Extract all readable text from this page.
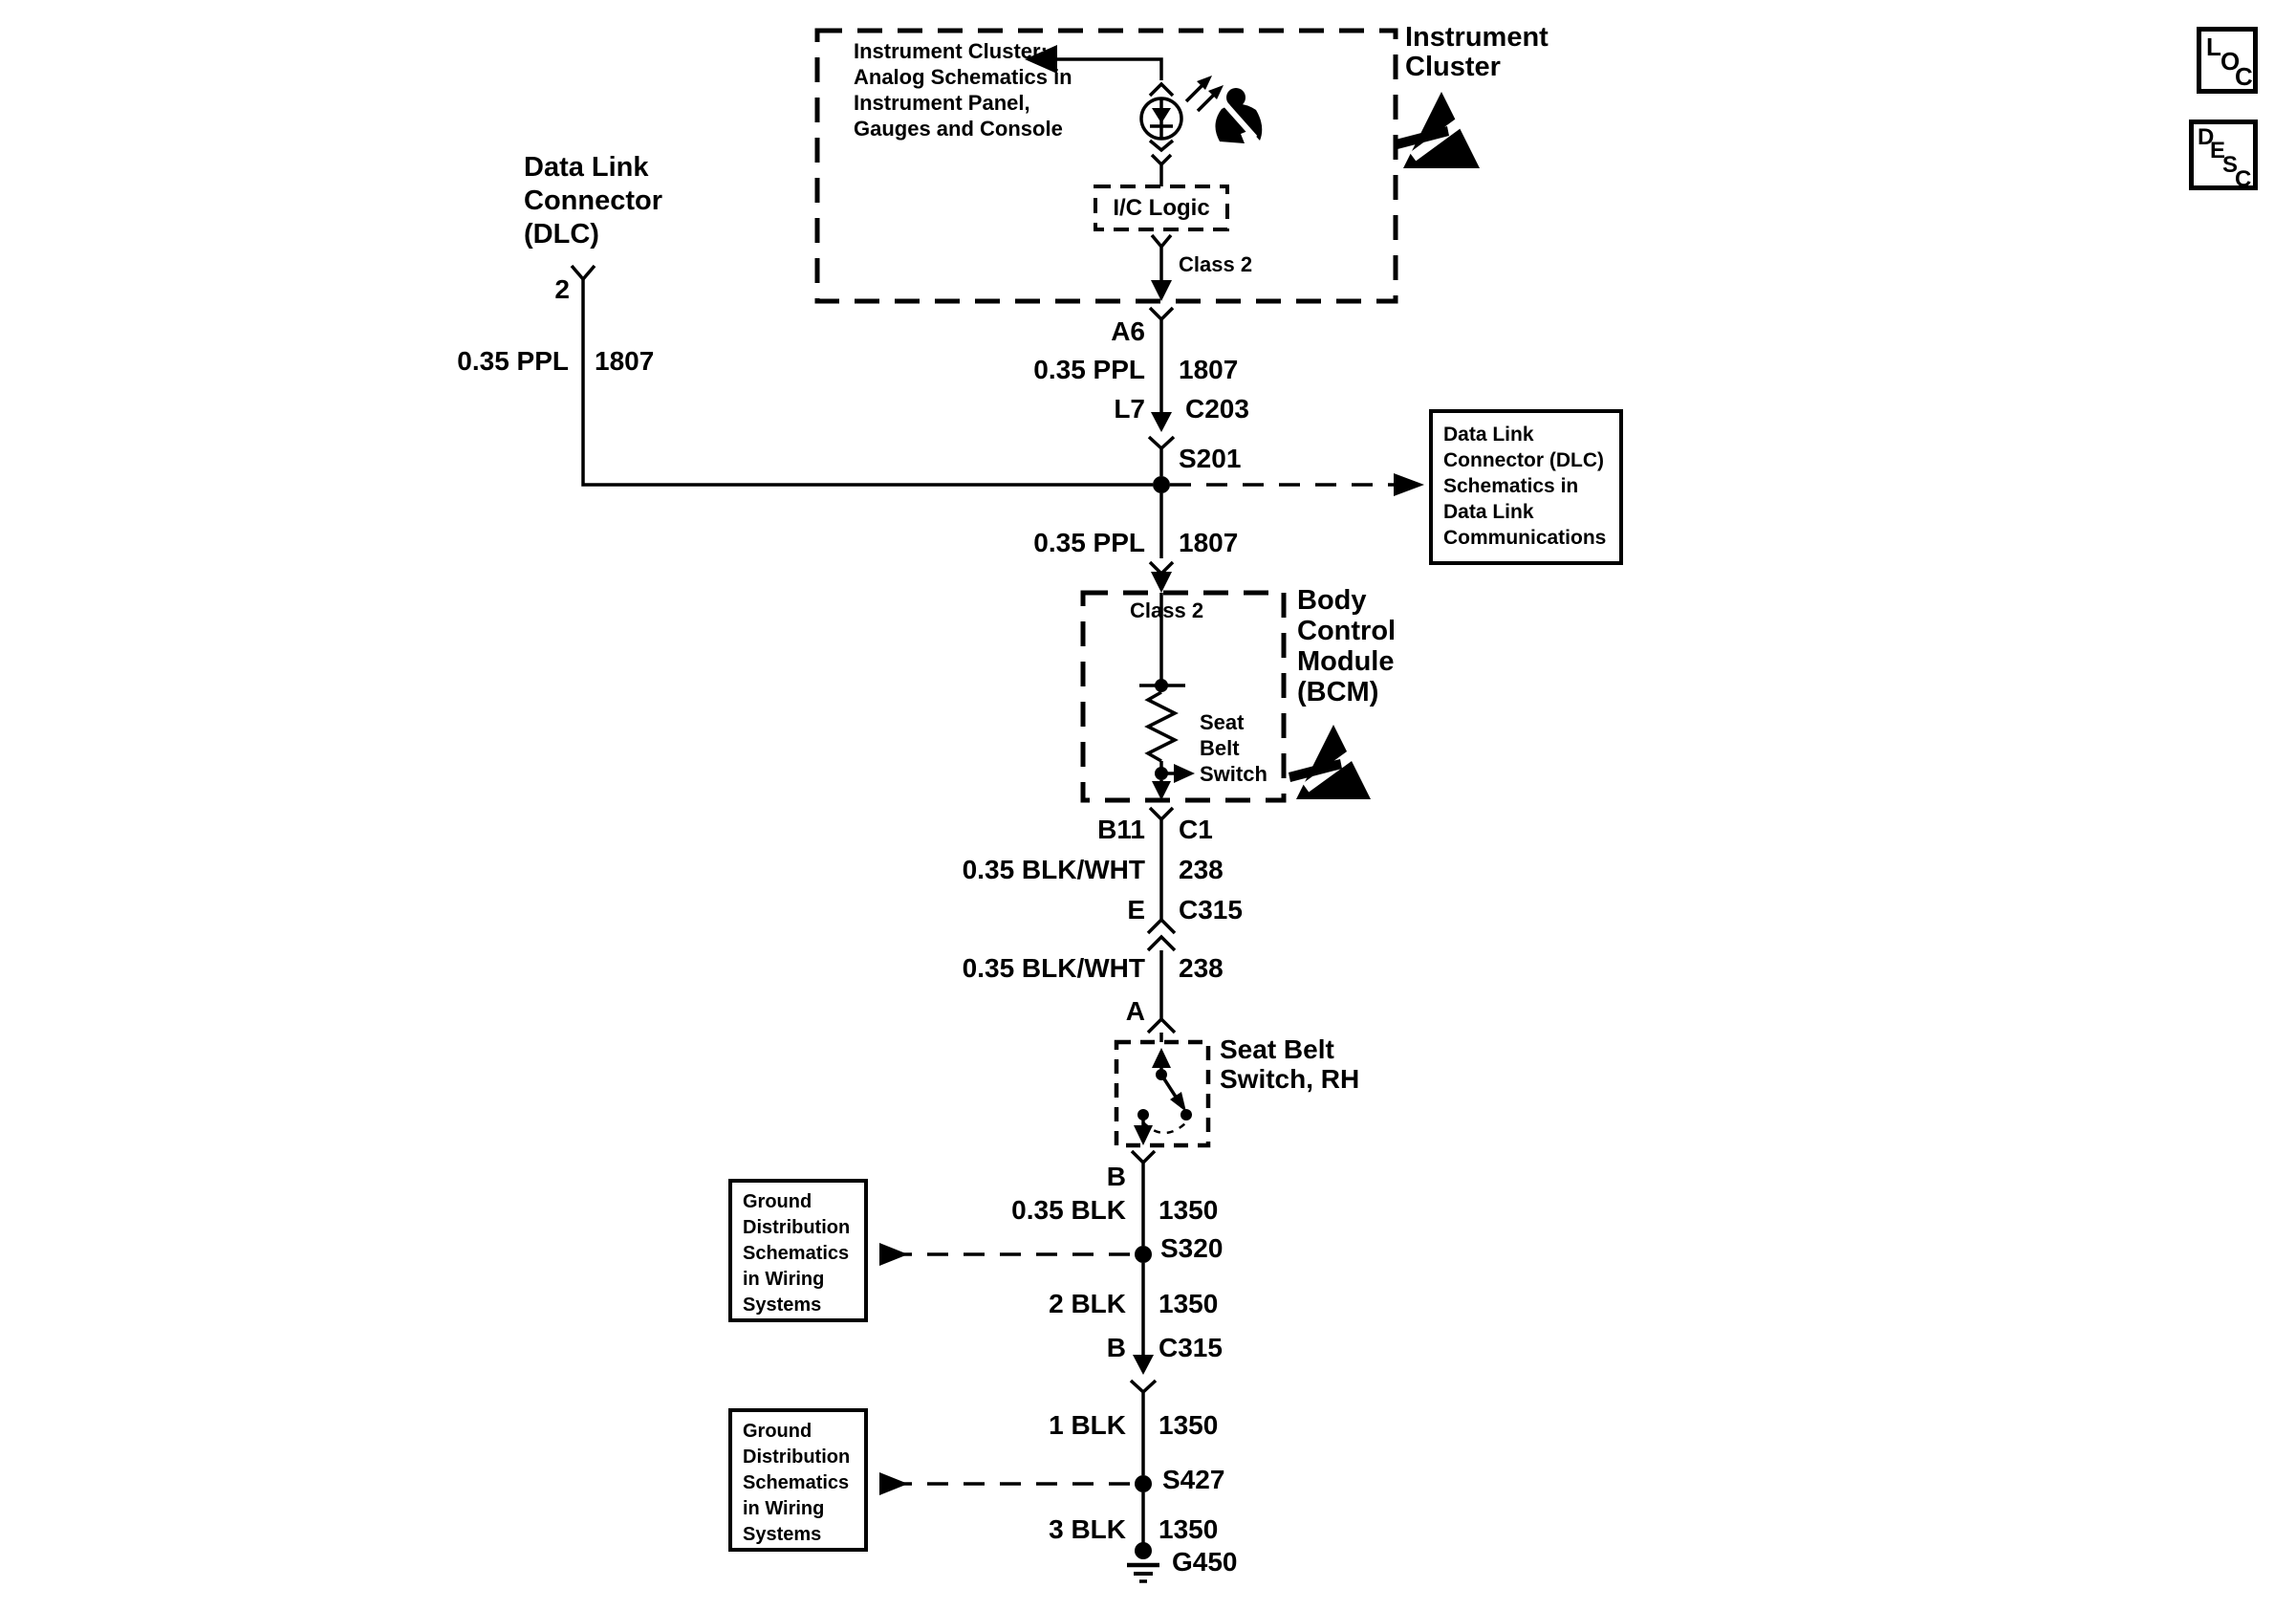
L O
C
D
E
S
C
Instrument Cluster:
Analog Schematics in
Instrument Panel,
Gauges and Console
I/C Logic
Class 2
Instrument
Cluster
Data Link
Connector
(DLC)
2
0.35 PPL 1807
A6
0.35 PPL 1807
L7 C203
S201
0.35 PPL 1807
Data Link
Connector (DLC)
Schematics in
Data Link
Communications
Class 2
Seat
Belt
Switch
Body
Control
Module
(BCM)
B11 C1
0.35 BLK/WHT 238
E C315
0.35 BLK/WHT 238
A
Seat Belt
Switch, RH
B
0.35 BLK 1350
S320
2 BLK 1350
B C315
1 BLK 1350
S427
3 BLK 1350
G450
Ground
Distribution
Schematics
in Wiring
Systems
Ground
Distribution
Schematics
in Wiring
Systems
